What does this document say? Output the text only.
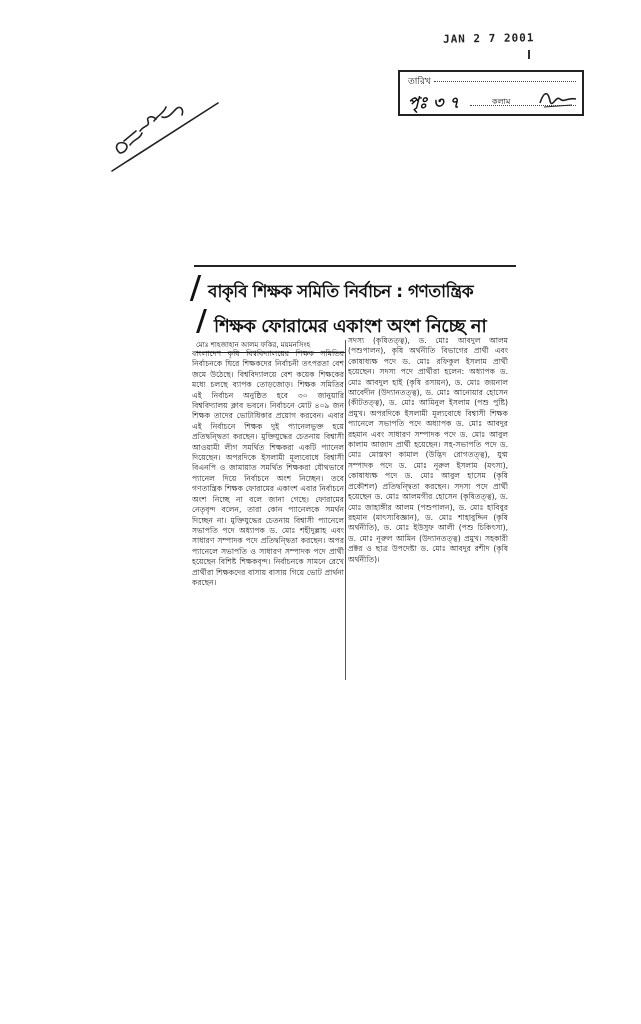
JAN 2 7 2001
তারিখ
পৃঃ ৩ ৭	কলাম
বাকৃবি শিক্ষক সমিতি নির্বাচন : গণতান্ত্রিক
শিক্ষক ফোরামের একাংশ অংশ নিচ্ছে না
মোঃ শাহজাহান আলম ফকির, ময়মনসিংহ
বাংলাদেশ কৃষি বিশ্ববিদ্যালয়ের শিক্ষক সমিতির নির্বাচনকে ঘিরে শিক্ষকদের নির্বাচনী তৎপরতা বেশ জমে উঠেছে। বিশ্ববিদ্যালয়ে বেশ কয়েক শিক্ষকের মধ্যে চলছে ব্যাপক তোড়জোড়। শিক্ষক সমিতির এই নির্বাচন অনুষ্ঠিত হবে ৩০ জানুয়ারি বিশ্ববিদ্যালয় ক্লাব ভবনে। নির্বাচনে মোট ৪০৯ জন শিক্ষক তাদের ভোটাধিকার প্রয়োগ করবেন। এবার এই নির্বাচনে শিক্ষক দুই প্যানেলভুক্ত হয়ে প্রতিদ্বন্দ্বিতা করছেন। মুক্তিযুদ্ধের চেতনায় বিশ্বাসী আওয়ামী লীগ সমর্থিত শিক্ষকরা একটি প্যানেল দিয়েছেন। অপরদিকে ইসলামী মূল্যবোধে বিশ্বাসী বিএনপি ও জামায়াত সমর্থিত শিক্ষকরা যৌথভাবে প্যানেল দিয়ে নির্বাচনে অংশ নিচ্ছেন। তবে গণতান্ত্রিক শিক্ষক ফোরামের একাংশ এবার নির্বাচনে অংশ নিচ্ছে না বলে জানা গেছে। ফোরামের নেতৃবৃন্দ বলেন, তারা কোন প্যানেলকে সমর্থন দিচ্ছেন না। মুক্তিযুদ্ধের চেতনায় বিশ্বাসী প্যানেলে সভাপতি পদে অধ্যাপক ড. মোঃ শহীদুল্লাহ এবং সাধারণ সম্পাদক পদে প্রতিদ্বন্দ্বিতা করছেন। অপর প্যানেলে সভাপতি ও সাধারণ সম্পাদক পদে প্রার্থী হয়েছেন বিশিষ্ট শিক্ষকবৃন্দ। নির্বাচনকে সামনে রেখে প্রার্থীরা শিক্ষকদের বাসায় বাসায় গিয়ে ভোট প্রার্থনা করছেন।
সদস্য (কৃষিতত্ত্ব), ড. মোঃ আবদুল আলম (পশুপালন), কৃষি অর্থনীতি বিভাগের প্রার্থী এবং কোষাধ্যক্ষ পদে ড. মোঃ রফিকুল ইসলাম প্রার্থী হয়েছেন। সদস্য পদে প্রার্থীরা হলেন: অধ্যাপক ড. মোঃ আবদুল হাই (কৃষি রসায়ন), ড. মোঃ জয়নাল আবেদীন (উদ্যানতত্ত্ব), ড. মোঃ আনোয়ার হোসেন (কীটতত্ত্ব), ড. মোঃ আমিনুল ইসলাম (পশু পুষ্টি) প্রমুখ। অপরদিকে ইসলামী মূল্যবোধে বিশ্বাসী শিক্ষক প্যানেলে সভাপতি পদে অধ্যাপক ড. মোঃ আবদুর রহমান এবং সাধারণ সম্পাদক পদে ড. মোঃ আবুল কালাম আজাদ প্রার্থী হয়েছেন। সহ-সভাপতি পদে ড. মোঃ মোস্তফা কামাল (উদ্ভিদ রোগতত্ত্ব), যুগ্ম সম্পাদক পদে ড. মোঃ নূরুল ইসলাম (মৎস্য), কোষাধ্যক্ষ পদে ড. মোঃ আবুল হাসেম (কৃষি প্রকৌশল) প্রতিদ্বন্দ্বিতা করছেন। সদস্য পদে প্রার্থী হয়েছেন ড. মোঃ আলমগীর হোসেন (কৃষিতত্ত্ব), ড. মোঃ জাহাঙ্গীর আলম (পশুপালন), ড. মোঃ হাবিবুর রহমান (মাৎস্যবিজ্ঞান), ড. মোঃ শাহাবুদ্দিন (কৃষি অর্থনীতি), ড. মোঃ ইউসুফ আলী (পশু চিকিৎসা), ড. মোঃ নূরুল আমিন (উদ্যানতত্ত্ব) প্রমুখ। সহকারী প্রক্টর ও ছাত্র উপদেষ্টা ড. মোঃ আবদুর রশীদ (কৃষি অর্থনীতি)।
